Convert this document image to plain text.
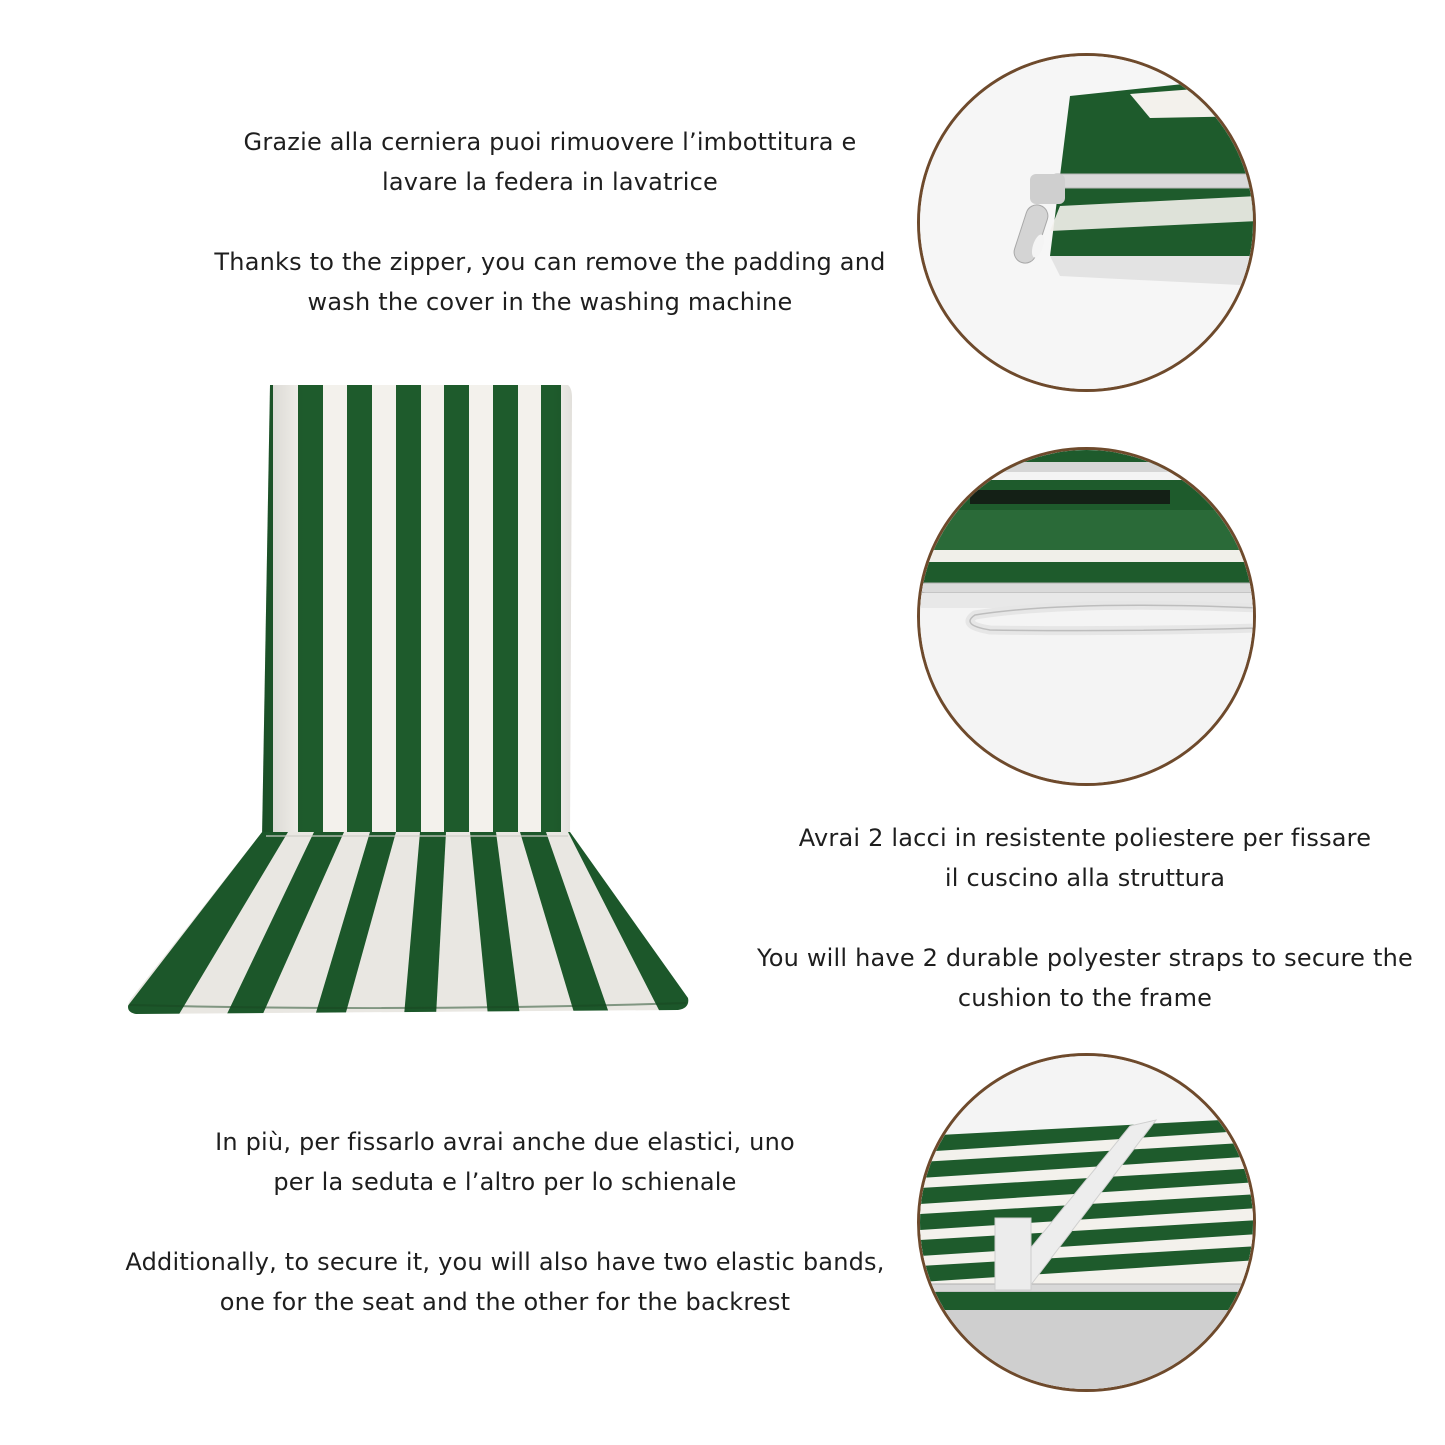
Grazie alla cerniera puoi rimuovere l’imbottitura e
lavare la federa in lavatrice
Thanks to the zipper, you can remove the padding and
wash the cover in the washing machine
Avrai 2 lacci in resistente poliestere per fissare
il cuscino alla struttura
You will have 2 durable polyester straps to secure the
cushion to the frame
In più, per fissarlo avrai anche due elastici, uno
per la seduta e l’altro per lo schienale
Additionally, to secure it, you will also have two elastic bands,
one for the seat and the other for the backrest
